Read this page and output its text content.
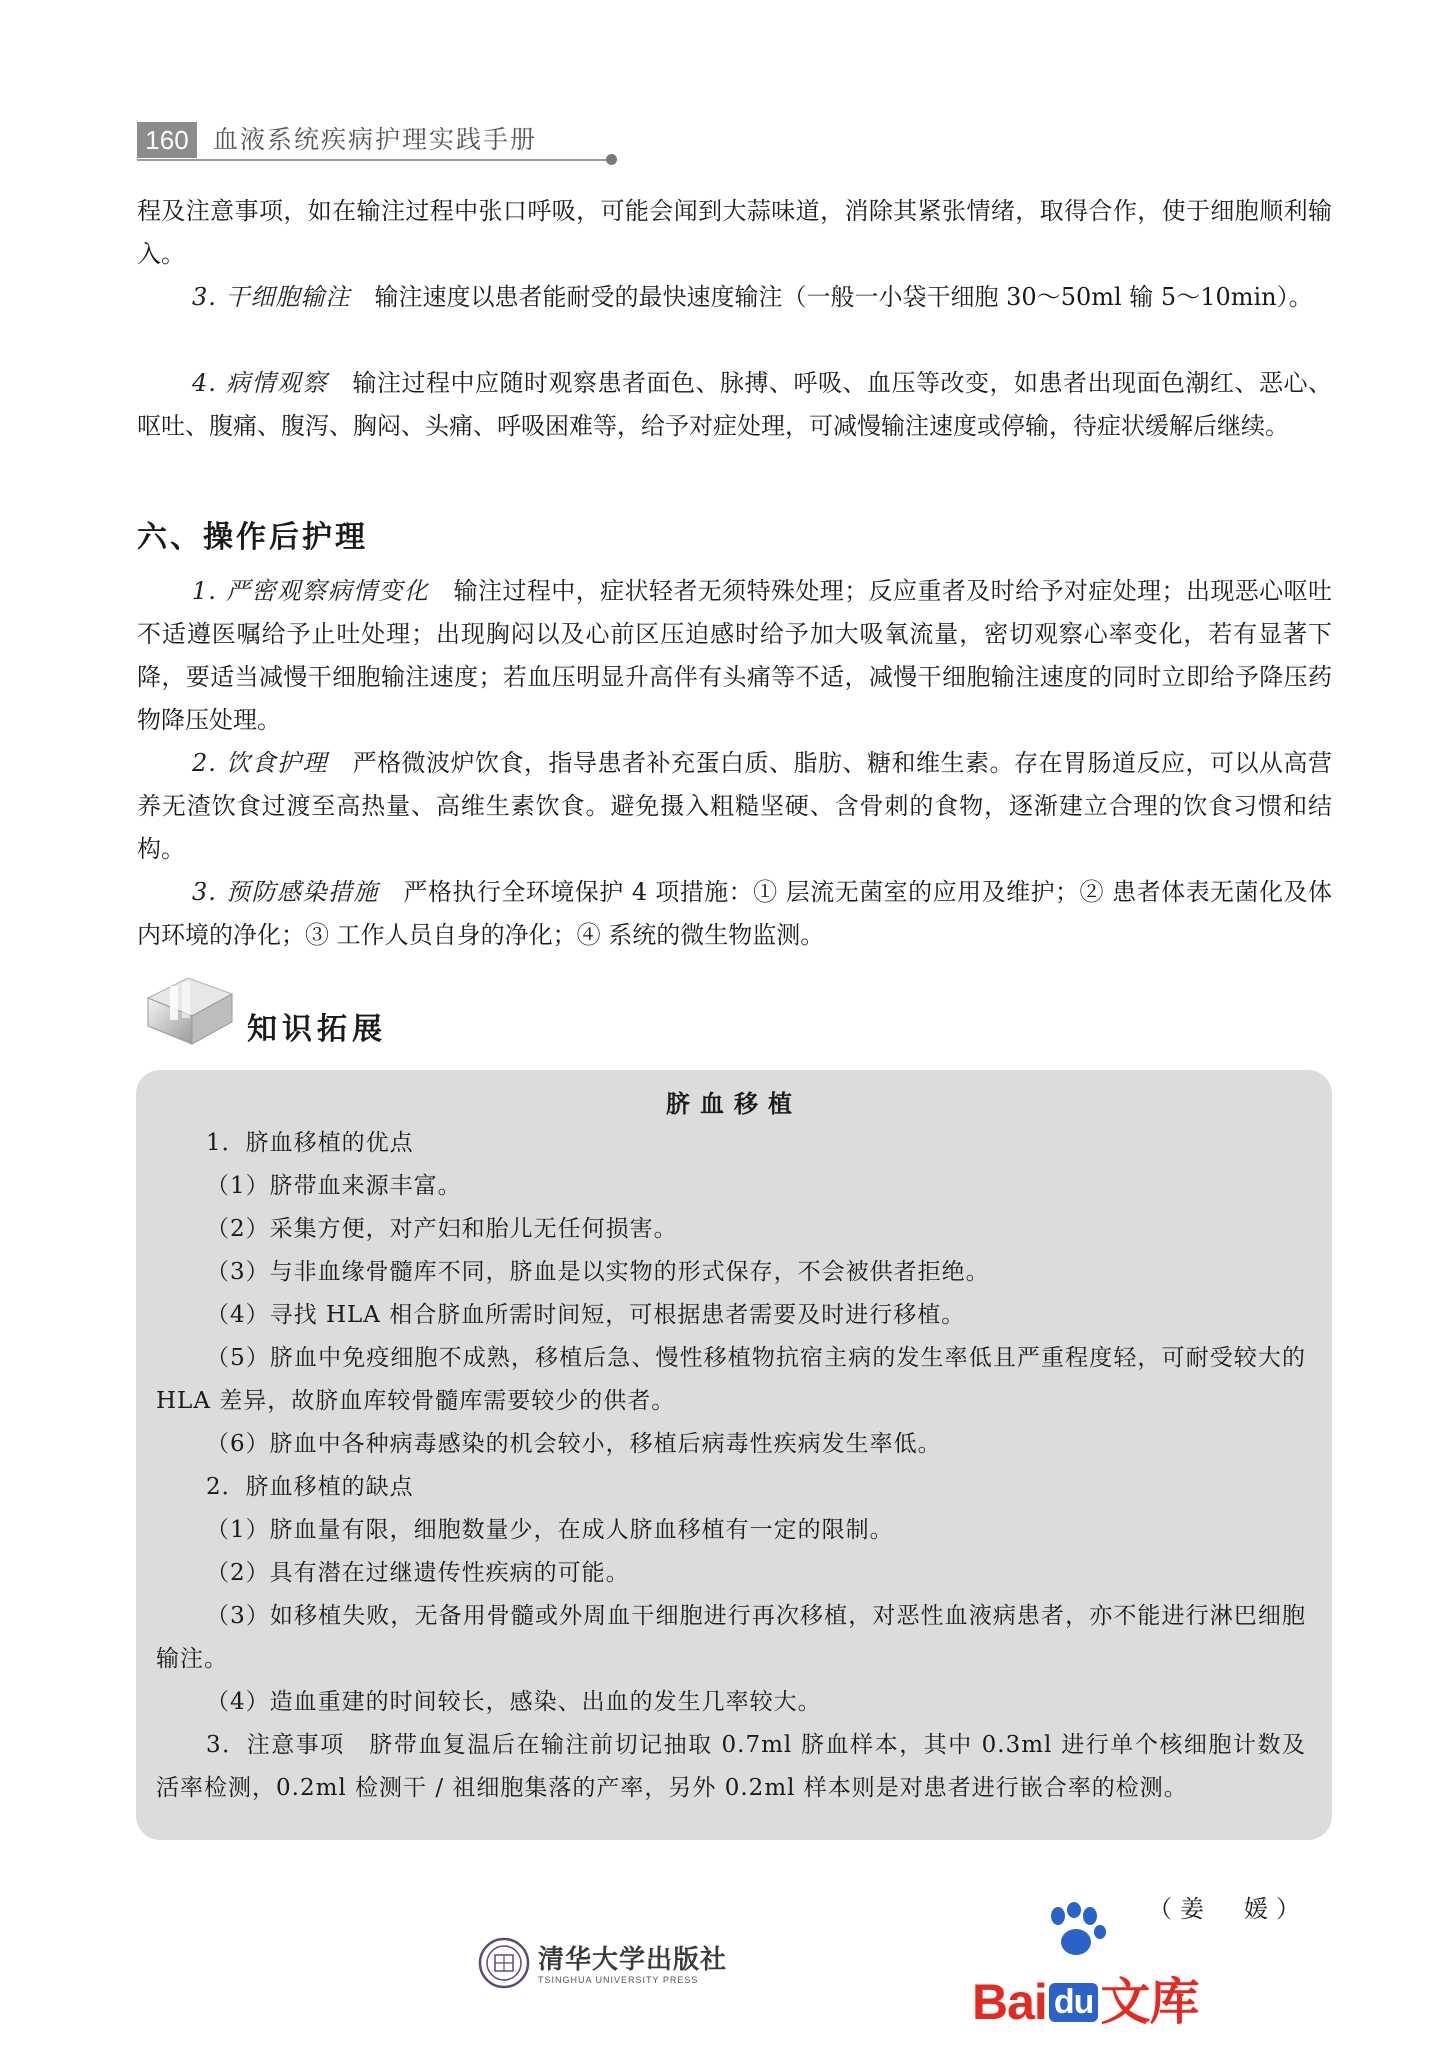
160 血液系统疾病护理实践手册

程及注意事项，如在输注过程中张口呼吸，可能会闻到大蒜味道，消除其紧张情绪，取得合作，使于细胞顺利输入。

3. 干细胞输注　输注速度以患者能耐受的最快速度输注（一般一小袋干细胞 30～50ml 输 5～10min）。

4. 病情观察　输注过程中应随时观察患者面色、脉搏、呼吸、血压等改变，如患者出现面色潮红、恶心、呕吐、腹痛、腹泻、胸闷、头痛、呼吸困难等，给予对症处理，可减慢输注速度或停输，待症状缓解后继续。

六、操作后护理

1. 严密观察病情变化　输注过程中，症状轻者无须特殊处理；反应重者及时给予对症处理；出现恶心呕吐不适遵医嘱给予止吐处理；出现胸闷以及心前区压迫感时给予加大吸氧流量，密切观察心率变化，若有显著下降，要适当减慢干细胞输注速度；若血压明显升高伴有头痛等不适，减慢干细胞输注速度的同时立即给予降压药物降压处理。

2. 饮食护理　严格微波炉饮食，指导患者补充蛋白质、脂肪、糖和维生素。存在胃肠道反应，可以从高营养无渣饮食过渡至高热量、高维生素饮食。避免摄入粗糙坚硬、含骨刺的食物，逐渐建立合理的饮食习惯和结构。

3. 预防感染措施　严格执行全环境保护 4 项措施：① 层流无菌室的应用及维护；② 患者体表无菌化及体内环境的净化；③ 工作人员自身的净化；④ 系统的微生物监测。

知识拓展

脐血移植

1．脐血移植的优点

（1）脐带血来源丰富。

（2）采集方便，对产妇和胎儿无任何损害。

（3）与非血缘骨髓库不同，脐血是以实物的形式保存，不会被供者拒绝。

（4）寻找 HLA 相合脐血所需时间短，可根据患者需要及时进行移植。

（5）脐血中免疫细胞不成熟，移植后急、慢性移植物抗宿主病的发生率低且严重程度轻，可耐受较大的 HLA 差异，故脐血库较骨髓库需要较少的供者。

（6）脐血中各种病毒感染的机会较小，移植后病毒性疾病发生率低。

2．脐血移植的缺点

（1）脐血量有限，细胞数量少，在成人脐血移植有一定的限制。

（2）具有潜在过继遗传性疾病的可能。

（3）如移植失败，无备用骨髓或外周血干细胞进行再次移植，对恶性血液病患者，亦不能进行淋巴细胞输注。

（4）造血重建的时间较长，感染、出血的发生几率较大。

3．注意事项　脐带血复温后在输注前切记抽取 0.7ml 脐血样本，其中 0.3ml 进行单个核细胞计数及活率检测，0.2ml 检测干 / 祖细胞集落的产率，另外 0.2ml 样本则是对患者进行嵌合率的检测。

（姜　媛）

清华大学出版社
TSINGHUA UNIVERSITY PRESS	Bai du 文库
